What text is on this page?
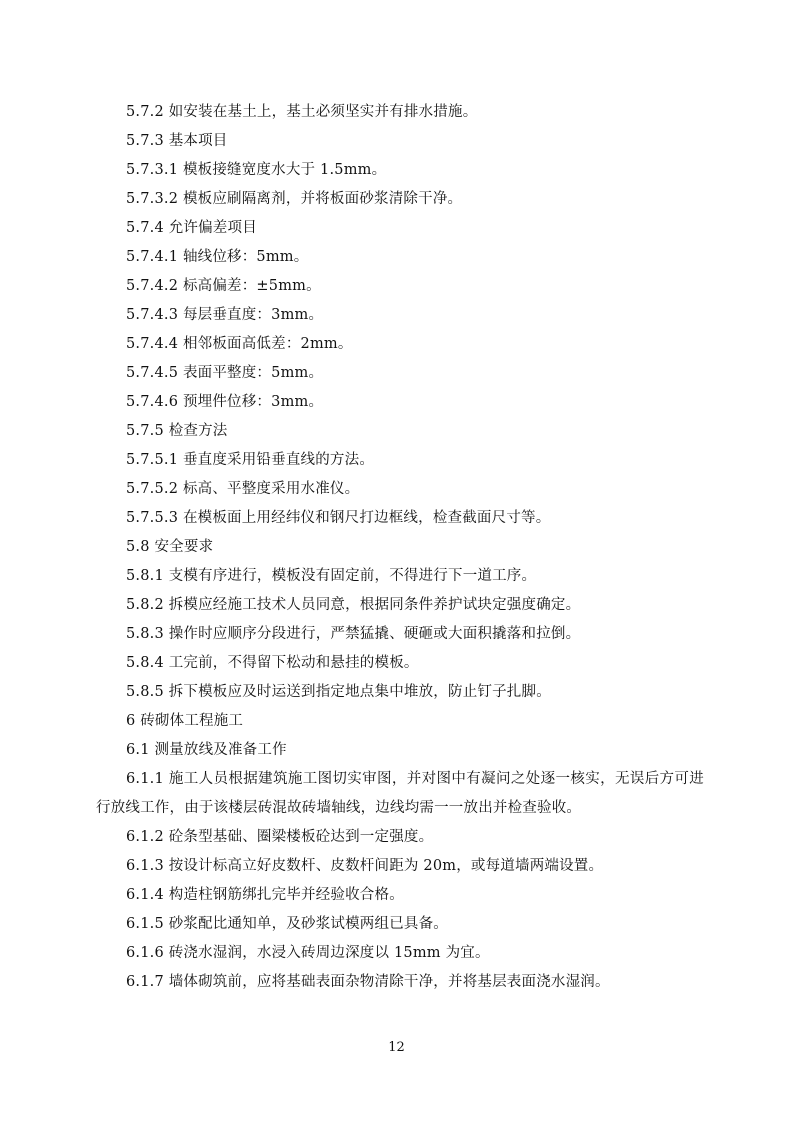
5.7.2 如安装在基土上，基土必须坚实并有排水措施。
5.7.3 基本项目
5.7.3.1 模板接缝宽度水大于 1.5mm。
5.7.3.2 模板应刷隔离剂，并将板面砂浆清除干净。
5.7.4 允许偏差项目
5.7.4.1 轴线位移：5mm。
5.7.4.2 标高偏差：±5mm。
5.7.4.3 每层垂直度：3mm。
5.7.4.4 相邻板面高低差：2mm。
5.7.4.5 表面平整度：5mm。
5.7.4.6 预埋件位移：3mm。
5.7.5 检查方法
5.7.5.1 垂直度采用铅垂直线的方法。
5.7.5.2 标高、平整度采用水准仪。
5.7.5.3 在模板面上用经纬仪和钢尺打边框线，检查截面尺寸等。
5.8 安全要求
5.8.1 支模有序进行，模板没有固定前，不得进行下一道工序。
5.8.2 拆模应经施工技术人员同意，根据同条件养护试块定强度确定。
5.8.3 操作时应顺序分段进行，严禁猛撬、硬砸或大面积撬落和拉倒。
5.8.4 工完前，不得留下松动和悬挂的模板。
5.8.5 拆下模板应及时运送到指定地点集中堆放，防止钉子扎脚。
6 砖砌体工程施工
6.1 测量放线及准备工作
6.1.1 施工人员根据建筑施工图切实审图，并对图中有凝问之处逐一核实，无误后方可进行放线工作，由于该楼层砖混故砖墙轴线，边线均需一一放出并检查验收。
6.1.2 砼条型基础、圈梁楼板砼达到一定强度。
6.1.3 按设计标高立好皮数杆、皮数杆间距为 20m，或每道墙两端设置。
6.1.4 构造柱钢筋绑扎完毕并经验收合格。
6.1.5 砂浆配比通知单，及砂浆试模两组已具备。
6.1.6 砖浇水湿润，水浸入砖周边深度以 15mm 为宜。
6.1.7 墙体砌筑前，应将基础表面杂物清除干净，并将基层表面浇水湿润。
12
